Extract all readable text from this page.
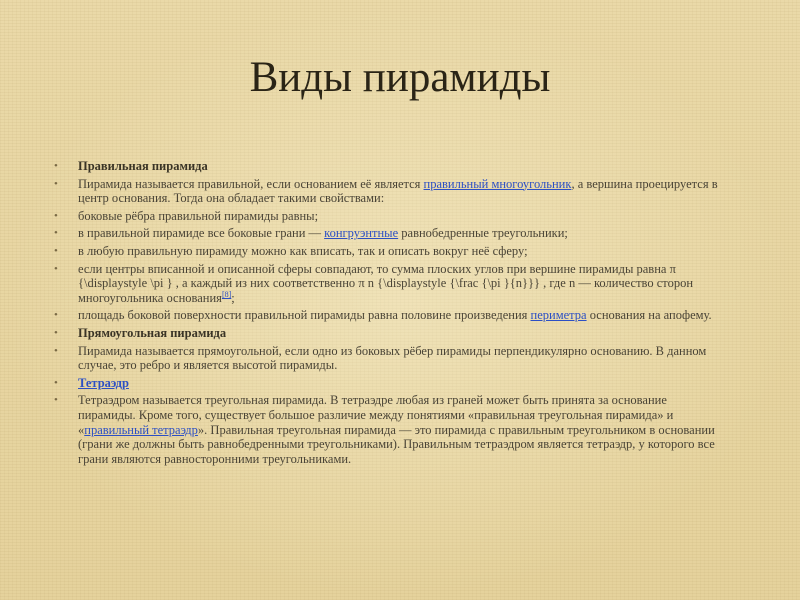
Виды пирамиды
• Правильная пирамида
• Пирамида называется правильной, если основанием её является правильный многоугольник, а вершина проецируется в центр основания. Тогда она обладает такими свойствами:
• боковые рёбра правильной пирамиды равны;
• в правильной пирамиде все боковые грани — конгруэнтные равнобедренные треугольники;
• в любую правильную пирамиду можно как вписать, так и описать вокруг неё сферу;
• если центры вписанной и описанной сферы совпадают, то сумма плоских углов при вершине пирамиды равна π {\displaystyle \pi } , а каждый из них соответственно π n {\displaystyle {\frac {\pi }{n}}} , где n — количество сторон многоугольника основания[8];
• площадь боковой поверхности правильной пирамиды равна половине произведения периметра основания на апофему.
• Прямоугольная пирамида
• Пирамида называется прямоугольной, если одно из боковых рёбер пирамиды перпендикулярно основанию. В данном случае, это ребро и является высотой пирамиды.
• Тетраэдр
• Тетраэдром называется треугольная пирамида. В тетраэдре любая из граней может быть принята за основание пирамиды. Кроме того, существует большое различие между понятиями «правильная треугольная пирамида» и «правильный тетраэдр». Правильная треугольная пирамида — это пирамида с правильным треугольником в основании (грани же должны быть равнобедренными треугольниками). Правильным тетраэдром является тетраэдр, у которого все грани являются равносторонними треугольниками.
